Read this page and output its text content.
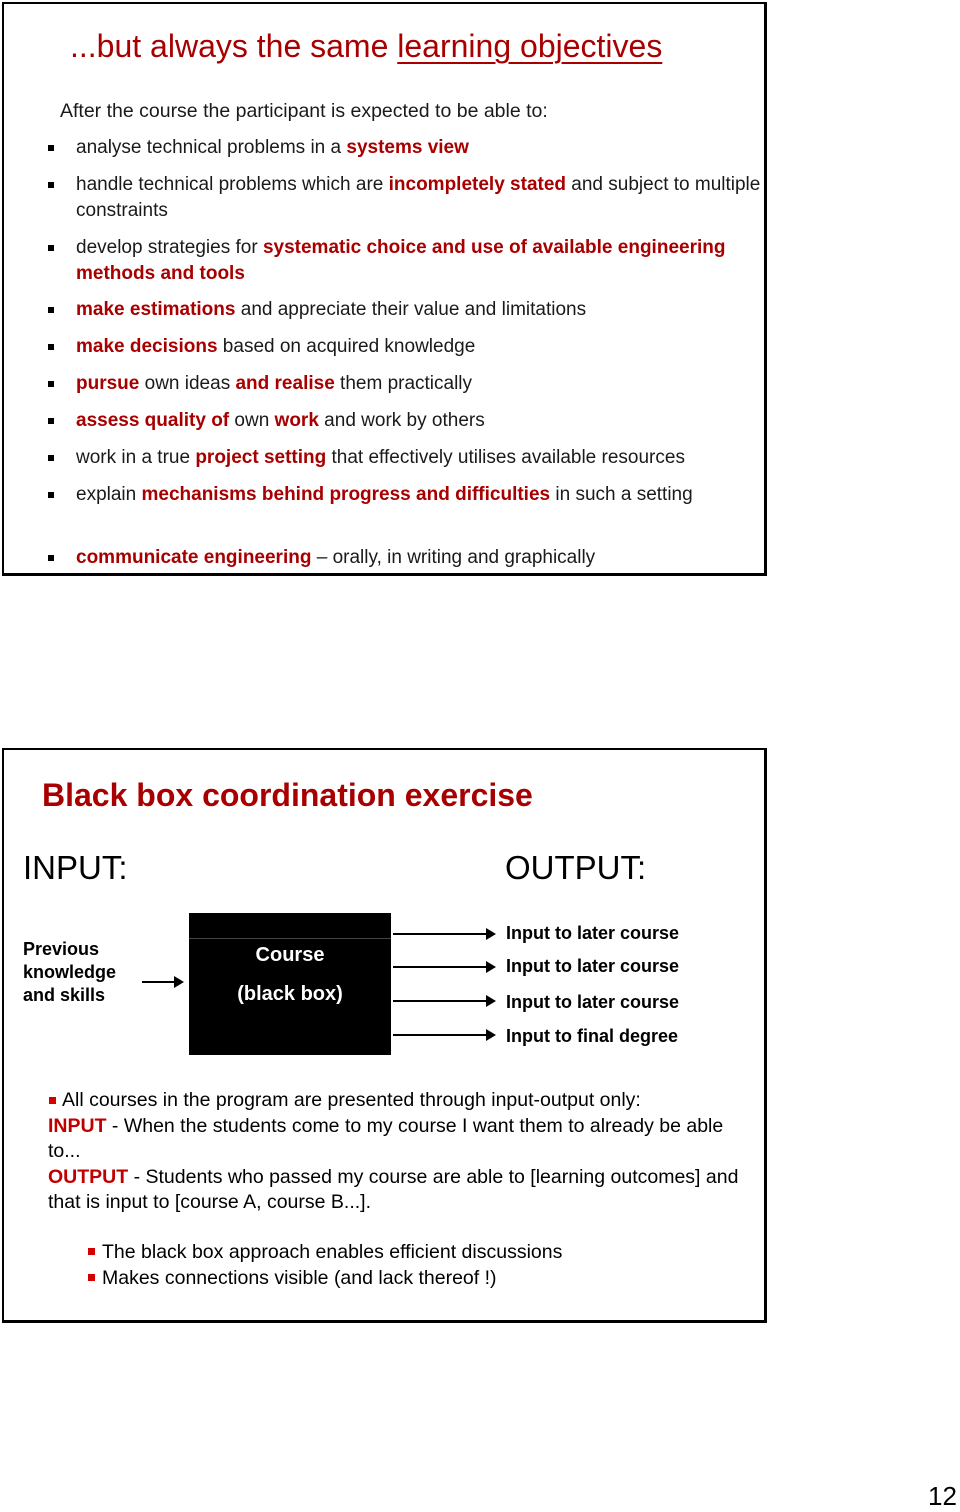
...but always the same learning objectives
After the course the participant is expected to be able to:
analyse technical problems in a systems view
handle technical problems which are incompletely stated and subject to multiple constraints
develop strategies for systematic choice and use of available engineering methods and tools
make estimations and appreciate their value and limitations
make decisions based on acquired knowledge
pursue own ideas and realise them practically
assess quality of own work and work by others
work in a true project setting that effectively utilises available resources
explain mechanisms behind progress and difficulties in such a setting
communicate engineering – orally, in writing and graphically
Black box coordination exercise
INPUT:	OUTPUT:
Previous
knowledge
and skills
Course
(black box)
Input to later course
Input to later course
Input to later course
Input to final degree
All courses in the program are presented through input-output only:
INPUT - When the students come to my course I want them to already be able to...
OUTPUT - Students who passed my course are able to [learning outcomes] and that is input to [course A, course B...].
The black box approach enables efficient discussions
Makes connections visible (and lack thereof !)
12
